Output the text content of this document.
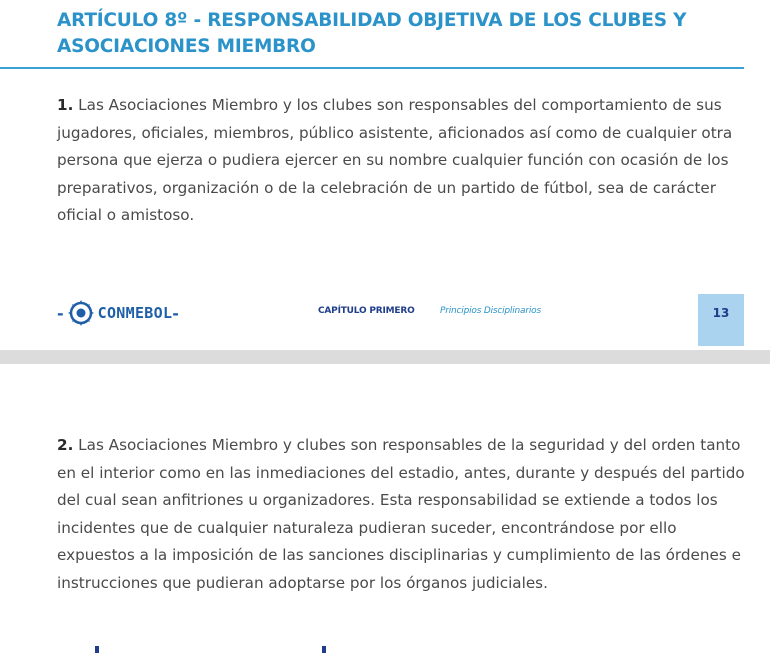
ARTÍCULO 8º - RESPONSABILIDAD OBJETIVA DE LOS CLUBES Y
ASOCIACIONES MIEMBRO

1. Las Asociaciones Miembro y los clubes son responsables del comportamiento de sus jugadores, oficiales, miembros, público asistente, aficionados así como de cualquier otra persona que ejerza o pudiera ejercer en su nombre cualquier función con ocasión de los preparativos, organización o de la celebración de un partido de fútbol, sea de carácter oficial o amistoso.

- CONMEBOL -	CAPÍTULO PRIMERO	Principios Disciplinarios	13

2. Las Asociaciones Miembro y clubes son responsables de la seguridad y del orden tanto en el interior como en las inmediaciones del estadio, antes, durante y después del partido del cual sean anfitriones u organizadores. Esta responsabilidad se extiende a todos los incidentes que de cualquier naturaleza pudieran suceder, encontrándose por ello expuestos a la imposición de las sanciones disciplinarias y cumplimiento de las órdenes e instrucciones que pudieran adoptarse por los órganos judiciales.
